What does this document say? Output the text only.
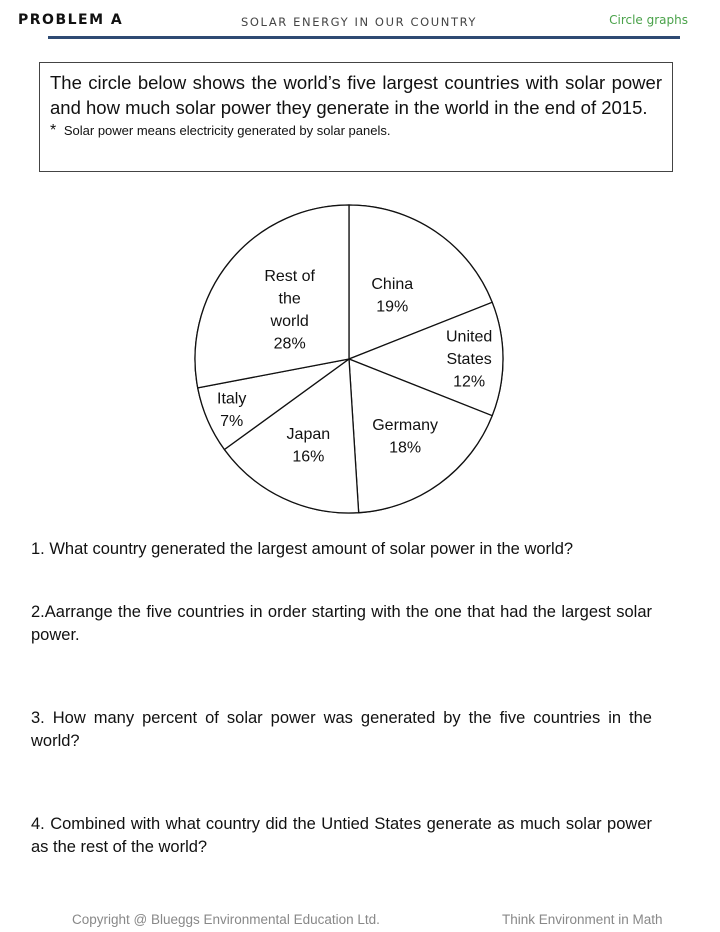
PROBLEM A	SOLAR ENERGY IN OUR COUNTRY	Circle graphs
The circle below shows the world’s five largest countries with solar power and how much solar power they generate in the world in the end of 2015.
* Solar power means electricity generated by solar panels.
China 19%
United States 12%
Germany 18%
Japan 16%
Italy 7%
Rest of the world 28%
1. What country generated the largest amount of solar power in the world?
2.Aarrange the five countries in order starting with the one that had the largest solar power.
3. How many percent of solar power was generated by the five countries in the world?
4. Combined with what country did the Untied States generate as much solar power as the rest of the world?
Copyright @ Blueggs Environmental Education Ltd.	Think Environment in Math
